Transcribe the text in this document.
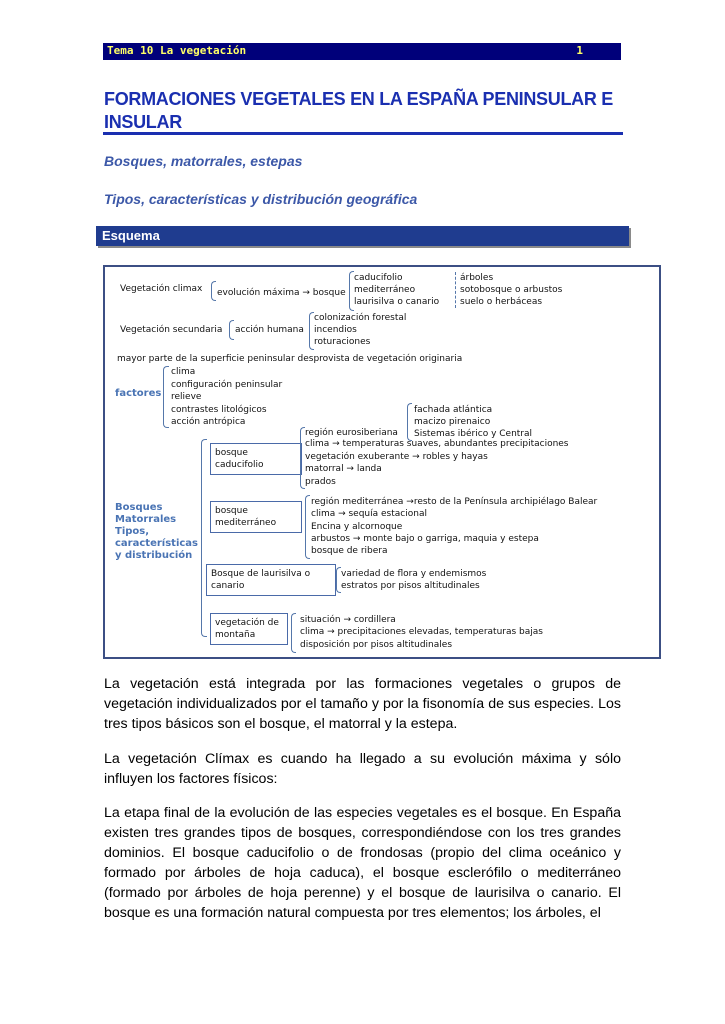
Tema 10 La vegetación	1
FORMACIONES VEGETALES EN LA ESPAÑA PENINSULAR E INSULAR
Bosques, matorrales, estepas
Tipos, características y distribución geográfica
Esquema
Vegetación climax evolución máxima → bosque
caducifolio
mediterráneo
laurisilva o canario
árboles
sotobosque o arbustos
suelo o herbáceas
Vegetación secundaria acción humana
colonización forestal
incendios
roturaciones
mayor parte de la superficie peninsular desprovista de vegetación originaria
factores
clima
configuración peninsular
relieve
contrastes litológicos
acción antrópica
Bosques
Matorrales
Tipos,
características
y distribución
bosque
caducifolio
región eurosiberiana
fachada atlántica
macizo pirenaico
Sistemas ibérico y Central
clima → temperaturas suaves, abundantes precipitaciones
vegetación exuberante → robles y hayas
matorral → landa
prados
bosque
mediterráneo
región mediterránea →resto de la Península archipiélago Balear
clima → sequía estacional
Encina y alcornoque
arbustos → monte bajo o garriga, maquia y estepa
bosque de ribera
Bosque de laurisilva o
canario
variedad de flora y endemismos
estratos por pisos altitudinales
vegetación de
montaña
situación → cordillera
clima → precipitaciones elevadas, temperaturas bajas
disposición por pisos altitudinales
La vegetación está integrada por las formaciones vegetales o grupos de vegetación individualizados por el tamaño y por la fisonomía de sus especies. Los tres tipos básicos son el bosque, el matorral y la estepa.
La vegetación Clímax es cuando ha llegado a su evolución máxima y sólo influyen los factores físicos:
La etapa final de la evolución de las especies vegetales es el bosque. En España existen tres grandes tipos de bosques, correspondiéndose con los tres grandes dominios. El bosque caducifolio o de frondosas (propio del clima oceánico y formado por árboles de hoja caduca), el bosque esclerófilo o mediterráneo (formado por árboles de hoja perenne) y el bosque de laurisilva o canario. El bosque es una formación natural compuesta por tres elementos; los árboles, el
